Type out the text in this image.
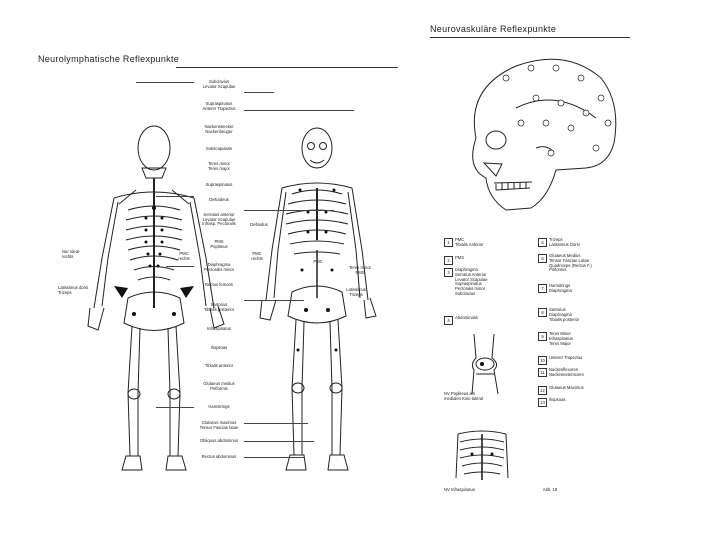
Neurolymphatische Reflexpunkte
Subclavius
Levator Scapulae
Supraspinatus
Anterer Trapezius
Nackenstrecker
Nackenbeuger
Subscapularis
Teres minor
Teres major
Supraspinatus
Deltoideus
Serratus anterior
Levator Scapulae
Infrasp. Pectoralis
PMS
Popliteus
Diaphragma
Pectoralis minor
Rectus femoris
Sartorius
Tibialis posterior
Infraspinatus
Iliopsoas
Tibialis anterior
Glutaeus medius
Piriformis
Hamstrings
Glutaeus maximus
Tensor Fasciae latae
Obliquus abdominus
Rectus abdominus
Nur Ideal-
rechts
Latissimus dorsi
Trizeps
PMC
rechts
Deltoidus
PMC
rechts
PMC
Latissimus
Trizeps
Teres minor
PMS
Neurovaskuläre Reflexpunkte
1
PMC
Tibialis Anterior
2
PMS
3
Diaphragma
Serratus Anterior
Levator Scapulae
Supraspinatus
Pectoralis minor
Subclavius
4
Abdominalis
NV Popliteus am
medialen Knie lateral
NV Infraspinatus
5
Trizeps
Latissimus Dorsi
6
Glutaeus Medius
Tensor Fasciae Latae
Quadriceps (Rectus F.)
Piriformis
7
Hamstrings
Diaphragma
8
Sartorius
Diaphragma
Tibialis posterior
9
Teres Minor
Infraspinatus
Teres Major
10
Unterer Trapezius
11
Nackenflexoren
Nackenextensoren
12
Glutaeus Maximus
13
Iliopsoas
Abb. 18
